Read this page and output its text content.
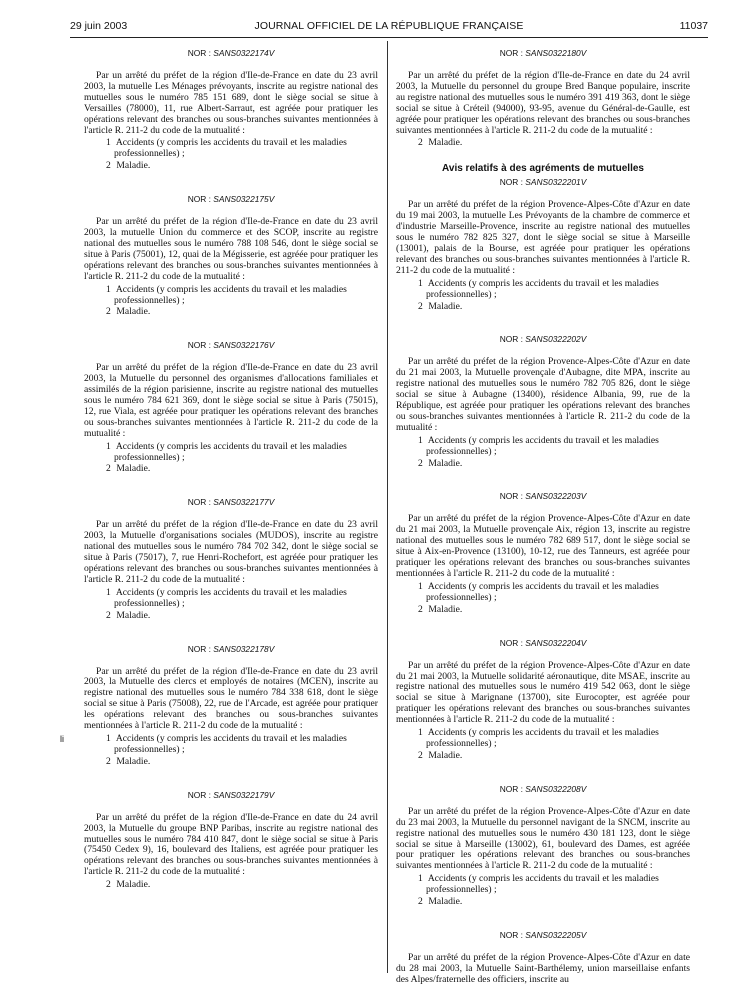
29 juin 2003	JOURNAL OFFICIEL DE LA RÉPUBLIQUE FRANÇAISE	11037
NOR : SANS0322174V

Par un arrêté du préfet de la région d'Ile-de-France en date du 23 avril 2003, la mutuelle Les Ménages prévoyants, inscrite au registre national des mutuelles sous le numéro 785 151 689, dont le siège social se situe à Versailles (78000), 11, rue Albert-Sarraut, est agréée pour pratiquer les opérations relevant des branches ou sous-branches suivantes mentionnées à l'article R. 211-2 du code de la mutualité :

1 Accidents (y compris les accidents du travail et les maladies professionnelles) ;
2 Maladie.
NOR : SANS0322175V

Par un arrêté du préfet de la région d'Ile-de-France en date du 23 avril 2003, la mutuelle Union du commerce et des SCOP, inscrite au registre national des mutuelles sous le numéro 788 108 546, dont le siège social se situe à Paris (75001), 12, quai de la Mégisserie, est agréée pour pratiquer les opérations relevant des branches ou sous-branches suivantes mentionnées à l'article R. 211-2 du code de la mutualité :

1 Accidents (y compris les accidents du travail et les maladies professionnelles) ;
2 Maladie.
NOR : SANS0322176V

Par un arrêté du préfet de la région d'Ile-de-France en date du 23 avril 2003, la Mutuelle du personnel des organismes d'allocations familiales et assimilés de la région parisienne, inscrite au registre national des mutuelles sous le numéro 784 621 369, dont le siège social se situe à Paris (75015), 12, rue Viala, est agréée pour pratiquer les opérations relevant des branches ou sous-branches suivantes mentionnées à l'article R. 211-2 du code de la mutualité :

1 Accidents (y compris les accidents du travail et les maladies professionnelles) ;
2 Maladie.
NOR : SANS0322177V

Par un arrêté du préfet de la région d'Ile-de-France en date du 23 avril 2003, la Mutuelle d'organisations sociales (MUDOS), inscrite au registre national des mutuelles sous le numéro 784 702 342, dont le siège social se situe à Paris (75017), 7, rue Henri-Rochefort, est agréée pour pratiquer les opérations relevant des branches ou sous-branches suivantes mentionnées à l'article R. 211-2 du code de la mutualité :

1 Accidents (y compris les accidents du travail et les maladies professionnelles) ;
2 Maladie.
NOR : SANS0322178V

Par un arrêté du préfet de la région d'Ile-de-France en date du 23 avril 2003, la Mutuelle des clercs et employés de notaires (MCEN), inscrite au registre national des mutuelles sous le numéro 784 338 618, dont le siège social se situe à Paris (75008), 22, rue de l'Arcade, est agréée pour pratiquer les opérations relevant des branches ou sous-branches suivantes mentionnées à l'article R. 211-2 du code de la mutualité :

li	1 Accidents (y compris les accidents du travail et les maladies professionnelles) ;
2 Maladie.
NOR : SANS0322179V

Par un arrêté du préfet de la région d'Ile-de-France en date du 24 avril 2003, la Mutuelle du groupe BNP Paribas, inscrite au registre national des mutuelles sous le numéro 784 410 847, dont le siège social se situe à Paris (75450 Cedex 9), 16, boulevard des Italiens, est agréée pour pratiquer les opérations relevant des branches ou sous-branches suivantes mentionnées à l'article R. 211-2 du code de la mutualité :

2 Maladie.
NOR : SANS0322180V

Par un arrêté du préfet de la région d'Ile-de-France en date du 24 avril 2003, la Mutuelle du personnel du groupe Bred Banque populaire, inscrite au registre national des mutuelles sous le numéro 391 419 363, dont le siège social se situe à Créteil (94000), 93-95, avenue du Général-de-Gaulle, est agréée pour pratiquer les opérations relevant des branches ou sous-branches suivantes mentionnées à l'article R. 211-2 du code de la mutualité :

2 Maladie.
Avis relatifs à des agréments de mutuelles
NOR : SANS0322201V

Par un arrêté du préfet de la région Provence-Alpes-Côte d'Azur en date du 19 mai 2003, la mutuelle Les Prévoyants de la chambre de commerce et d'industrie Marseille-Provence, inscrite au registre national des mutuelles sous le numéro 782 825 327, dont le siège social se situe à Marseille (13001), palais de la Bourse, est agréée pour pratiquer les opérations relevant des branches ou sous-branches suivantes mentionnées à l'article R. 211-2 du code de la mutualité :

1 Accidents (y compris les accidents du travail et les maladies professionnelles) ;
2 Maladie.
NOR : SANS0322202V

Par un arrêté du préfet de la région Provence-Alpes-Côte d'Azur en date du 21 mai 2003, la Mutuelle provençale d'Aubagne, dite MPA, inscrite au registre national des mutuelles sous le numéro 782 705 826, dont le siège social se situe à Aubagne (13400), résidence Albania, 99, rue de la République, est agréée pour pratiquer les opérations relevant des branches ou sous-branches suivantes mentionnées à l'article R. 211-2 du code de la mutualité :

1 Accidents (y compris les accidents du travail et les maladies professionnelles) ;
2 Maladie.
NOR : SANS0322203V

Par un arrêté du préfet de la région Provence-Alpes-Côte d'Azur en date du 21 mai 2003, la Mutuelle provençale Aix, région 13, inscrite au registre national des mutuelles sous le numéro 782 689 517, dont le siège social se situe à Aix-en-Provence (13100), 10-12, rue des Tanneurs, est agréée pour pratiquer les opérations relevant des branches ou sous-branches suivantes mentionnées à l'article R. 211-2 du code de la mutualité :

1 Accidents (y compris les accidents du travail et les maladies professionnelles) ;
2 Maladie.
NOR : SANS0322204V

Par un arrêté du préfet de la région Provence-Alpes-Côte d'Azur en date du 21 mai 2003, la Mutuelle solidarité aéronautique, dite MSAE, inscrite au registre national des mutuelles sous le numéro 419 542 063, dont le siège social se situe à Marignane (13700), site Eurocopter, est agréée pour pratiquer les opérations relevant des branches ou sous-branches suivantes mentionnées à l'article R. 211-2 du code de la mutualité :

1 Accidents (y compris les accidents du travail et les maladies professionnelles) ;
2 Maladie.
NOR : SANS0322208V

Par un arrêté du préfet de la région Provence-Alpes-Côte d'Azur en date du 23 mai 2003, la Mutuelle du personnel navigant de la SNCM, inscrite au registre national des mutuelles sous le numéro 430 181 123, dont le siège social se situe à Marseille (13002), 61, boulevard des Dames, est agréée pour pratiquer les opérations relevant des branches ou sous-branches suivantes mentionnées à l'article R. 211-2 du code de la mutualité :

1 Accidents (y compris les accidents du travail et les maladies professionnelles) ;
2 Maladie.
NOR : SANS0322205V

Par un arrêté du préfet de la région Provence-Alpes-Côte d'Azur en date du 28 mai 2003, la Mutuelle Saint-Barthélemy, union marseillaise enfants des Alpes/fraternelle des officiers, inscrite au
